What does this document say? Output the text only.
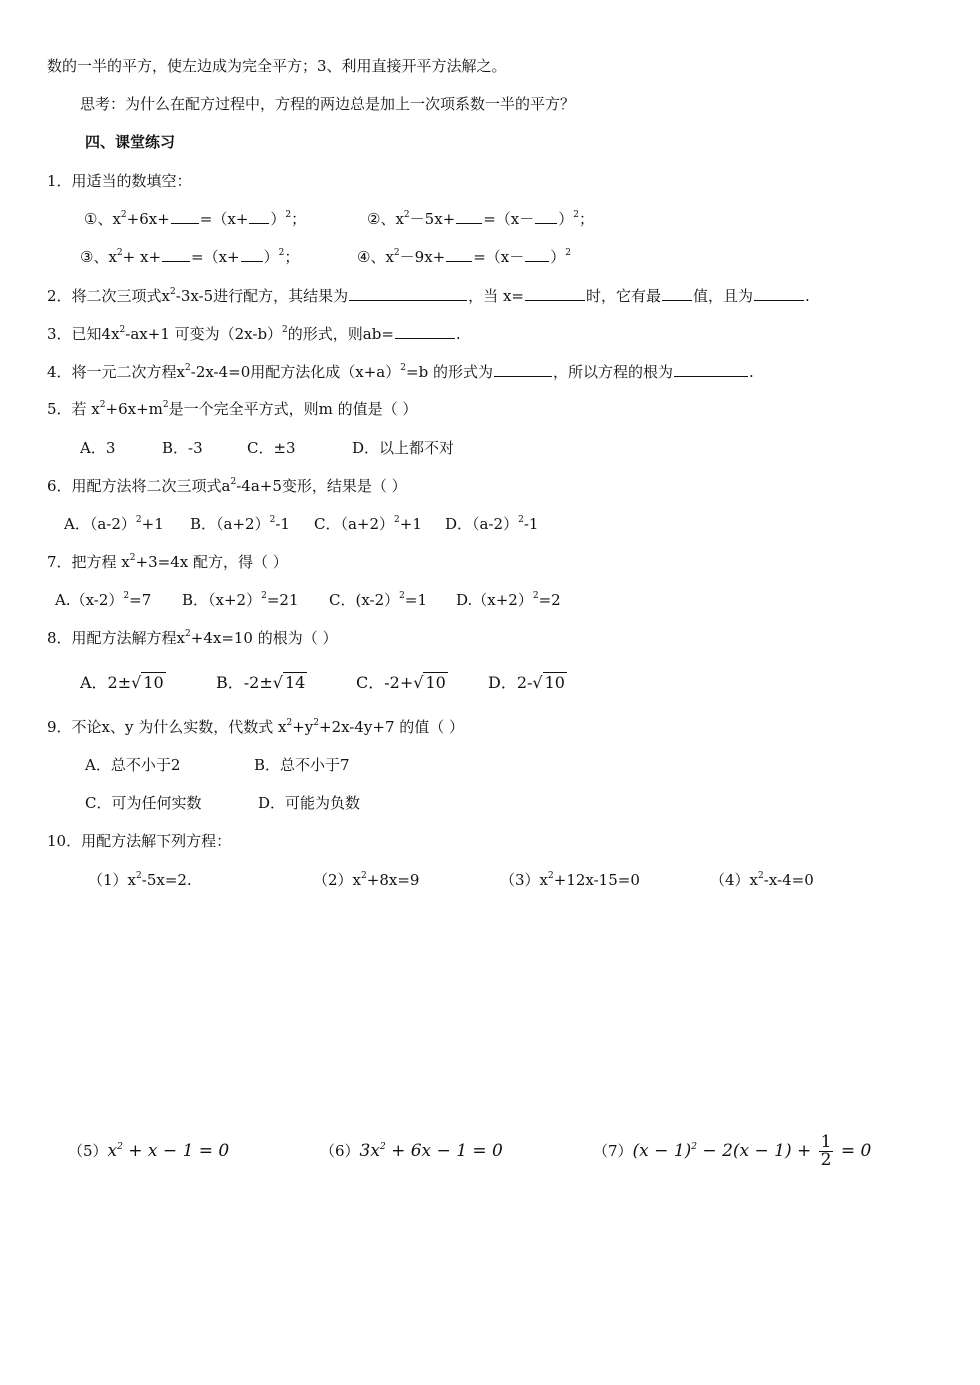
数的一半的平方，使左边成为完全平方；3、利用直接开平方法解之。
思考：为什么在配方过程中，方程的两边总是加上一次项系数一半的平方？
四、课堂练习
1．用适当的数填空：
①、$x^2+6x+ =(x+ )^2$；	②、$x^2-5x+ =(x- )^2$；
③、$x^2+ x+ =(x+ )^2$；	④、$x^2-9x+ =(x- )^2$
2．将二次三项式$x^2-3x-5$进行配方，其结果为	，当 x=	时，它有最 值，且为	.
3．已知$4x^2-ax+1$ 可变为$(2x-b)^2$的形式，则ab=	.
4．将一元二次方程$x^2-2x-4=0$用配方法化成$(x+a)^2=b$ 的形式为	，所以方程的根为	.
5．若 $x^2+6x+m^2$是一个完全平方式，则m 的值是（ ）
A．3	B．-3	C．±3	D．以上都不对
6．用配方法将二次三项式$a^2-4a+5$变形，结果是（ ）
A．$(a-2)^2+1$ B．$(a+2)^2-1$ C．$(a+2)^2+1$ D．$(a-2)^2-1$
7．把方程 $x^2+3=4x$ 配方，得（ ）
$A.(x-2)^2=7$ B．$(x+2)^2=21$ C．(x-2）$^2$=1 $D.(x+2)^2=2$
8．用配方法解方程$x^2+4x=10$ 的根为（ ）
A．2±√ 10	B．-2±√ 14	C．-2+√ 10	D．2-√ 10
9．不论x、y 为什么实数，代数式 $x^2+y^2+2x-4y+7$ 的值（ ）
A．总不小于2	B．总不小于7
C．可为任何实数	D．可能为负数
10．用配方法解下列方程：
$(1)x^2-5x=2$.	$(2)x^2+8x=9$	$(3)x^2+12x-15=0$	$(4)x^2-x-4=0$
$(5)x^2 + x - 1 = 0$	$(6)3x^2 + 6x - 1 = 0$	$(7)(x - 1)^2 - 2(x - 1) + \frac{1}{2} = 0$
